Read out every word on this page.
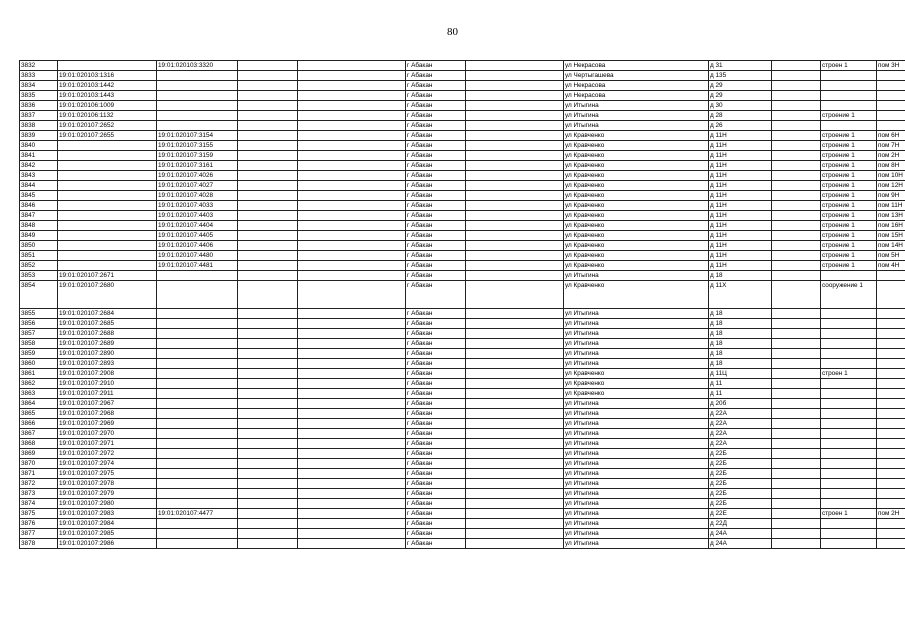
80
3832		19:01:020103:3320			г Абакан		ул Некрасова	д 31		строен 1	пом 3Н
3833	19:01:020103:1316				г Абакан		ул Чертыгашева	д 135			
3834	19:01:020103:1442				г Абакан		ул Некрасова	д 29			
3835	19:01:020103:1443				г Абакан		ул Некрасова	д 29			
3836	19:01:020106:1009				г Абакан		ул Итыгина	д 30			
3837	19:01:020106:1132				г Абакан		ул Итыгина	д 28		строение 1	
3838	19:01:020107:2652				г Абакан		ул Итыгина	д 26			
3839	19:01:020107:2655	19:01:020107:3154			г Абакан		ул Кравченко	д 11Н		строение 1	пом 6Н
3840		19:01:020107:3155			г Абакан		ул Кравченко	д 11Н		строение 1	пом 7Н
3841		19:01:020107:3159			г Абакан		ул Кравченко	д 11Н		строение 1	пом 2Н
3842		19:01:020107:3161			г Абакан		ул Кравченко	д 11Н		строение 1	пом 8Н
3843		19:01:020107:4026			г Абакан		ул Кравченко	д 11Н		строение 1	пом 10Н
3844		19:01:020107:4027			г Абакан		ул Кравченко	д 11Н		строение 1	пом 12Н
3845		19:01:020107:4028			г Абакан		ул Кравченко	д 11Н		строение 1	пом 9Н
3846		19:01:020107:4033			г Абакан		ул Кравченко	д 11Н		строение 1	пом 11Н
3847		19:01:020107:4403			г Абакан		ул Кравченко	д 11Н		строение 1	пом 13Н
3848		19:01:020107:4404			г Абакан		ул Кравченко	д 11Н		строение 1	пом 16Н
3849		19:01:020107:4405			г Абакан		ул Кравченко	д 11Н		строение 1	пом 15Н
3850		19:01:020107:4406			г Абакан		ул Кравченко	д 11Н		строение 1	пом 14Н
3851		19:01:020107:4480			г Абакан		ул Кравченко	д 11Н		строение 1	пом 5Н
3852		19:01:020107:4481			г Абакан		ул Кравченко	д 11Н		строение 1	пом 4Н
3853	19:01:020107:2671				г Абакан		ул Итыгина	д 18			
3854	19:01:020107:2680				г Абакан		ул Кравченко	д 11Х		сооружение 1	
3855	19:01:020107:2684				г Абакан		ул Итыгина	д 18			
3856	19:01:020107:2685				г Абакан		ул Итыгина	д 18			
3857	19:01:020107:2688				г Абакан		ул Итыгина	д 18			
3858	19:01:020107:2689				г Абакан		ул Итыгина	д 18			
3859	19:01:020107:2890				г Абакан		ул Итыгина	д 18			
3860	19:01:020107:2893				г Абакан		ул Итыгина	д 18			
3861	19:01:020107:2908				г Абакан		ул Кравченко	д 11Ц		строен 1	
3862	19:01:020107:2910				г Абакан		ул Кравченко	д 11			
3863	19:01:020107:2911				г Абакан		ул Кравченко	д 11			
3864	19:01:020107:2967				г Абакан		ул Итыгина	д 20б			
3865	19:01:020107:2968				г Абакан		ул Итыгина	д 22А			
3866	19:01:020107:2969				г Абакан		ул Итыгина	д 22А			
3867	19:01:020107:2970				г Абакан		ул Итыгина	д 22А			
3868	19:01:020107:2971				г Абакан		ул Итыгина	д 22А			
3869	19:01:020107:2972				г Абакан		ул Итыгина	д 22Б			
3870	19:01:020107:2974				г Абакан		ул Итыгина	д 22Б			
3871	19:01:020107:2975				г Абакан		ул Итыгина	д 22Б			
3872	19:01:020107:2978				г Абакан		ул Итыгина	д 22Б			
3873	19:01:020107:2979				г Абакан		ул Итыгина	д 22Б			
3874	19:01:020107:2980				г Абакан		ул Итыгина	д 22Б			
3875	19:01:020107:2983	19:01:020107:4477			г Абакан		ул Итыгина	д 22Е		строен 1	пом 2Н
3876	19:01:020107:2984				г Абакан		ул Итыгина	д 22Д			
3877	19:01:020107:2985				г Абакан		ул Итыгина	д 24А			
3878	19:01:020107:2986				г Абакан		ул Итыгина	д 24А			
